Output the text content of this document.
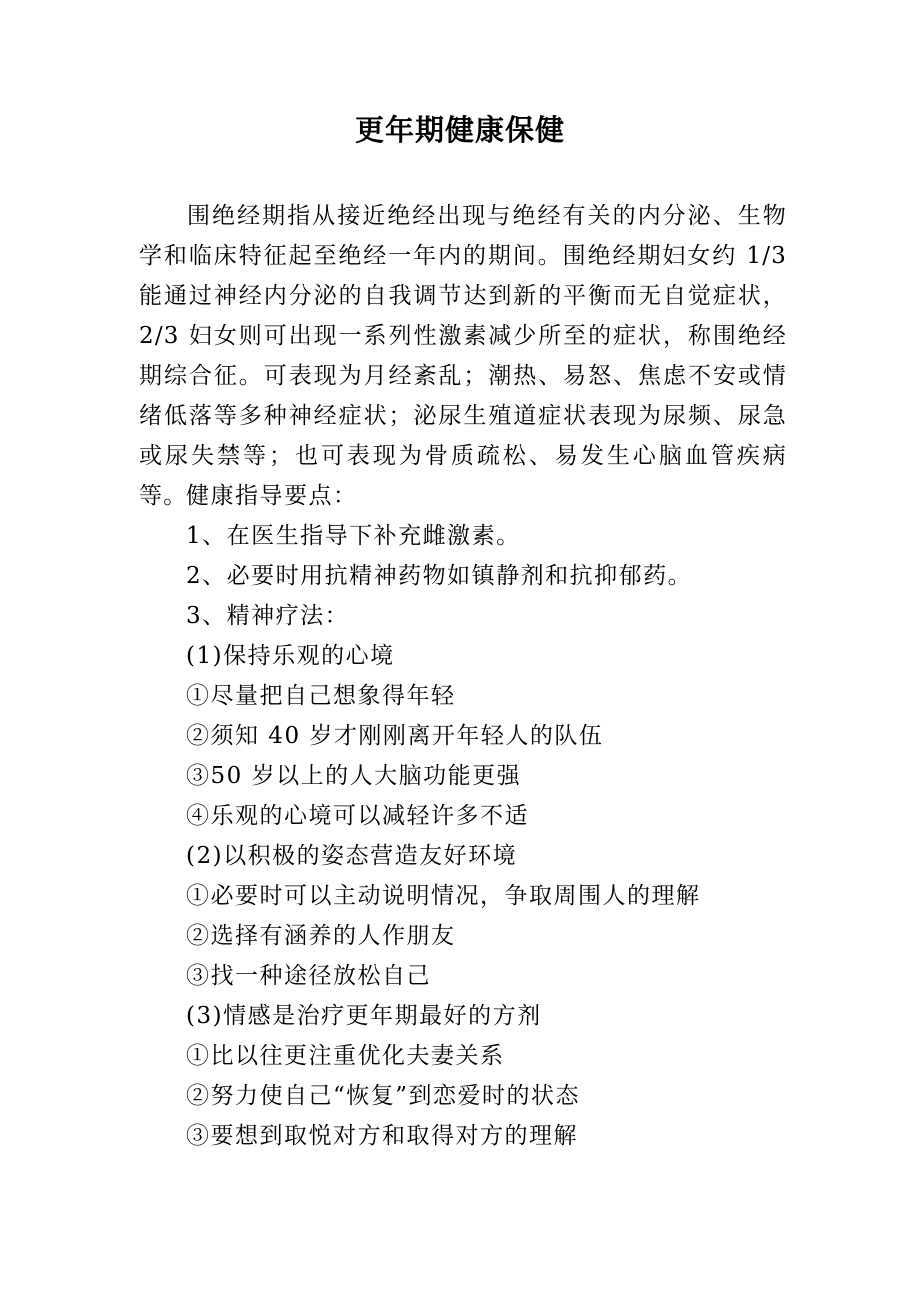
更年期健康保健

围绝经期指从接近绝经出现与绝经有关的内分泌、生物学和临床特征起至绝经一年内的期间。围绝经期妇女约 1/3 能通过神经内分泌的自我调节达到新的平衡而无自觉症状，2/3 妇女则可出现一系列性激素减少所至的症状，称围绝经期综合征。可表现为月经紊乱；潮热、易怒、焦虑不安或情绪低落等多种神经症状；泌尿生殖道症状表现为尿频、尿急或尿失禁等；也可表现为骨质疏松、易发生心脑血管疾病等。

健康指导要点：

1、在医生指导下补充雌激素。

2、必要时用抗精神药物如镇静剂和抗抑郁药。

3、精神疗法：

(1)保持乐观的心境

①尽量把自己想象得年轻

②须知 40 岁才刚刚离开年轻人的队伍

③50 岁以上的人大脑功能更强

④乐观的心境可以减轻许多不适

(2)以积极的姿态营造友好环境

①必要时可以主动说明情况，争取周围人的理解

②选择有涵养的人作朋友

③找一种途径放松自己

(3)情感是治疗更年期最好的方剂

①比以往更注重优化夫妻关系

②努力使自己“恢复”到恋爱时的状态

③要想到取悦对方和取得对方的理解
